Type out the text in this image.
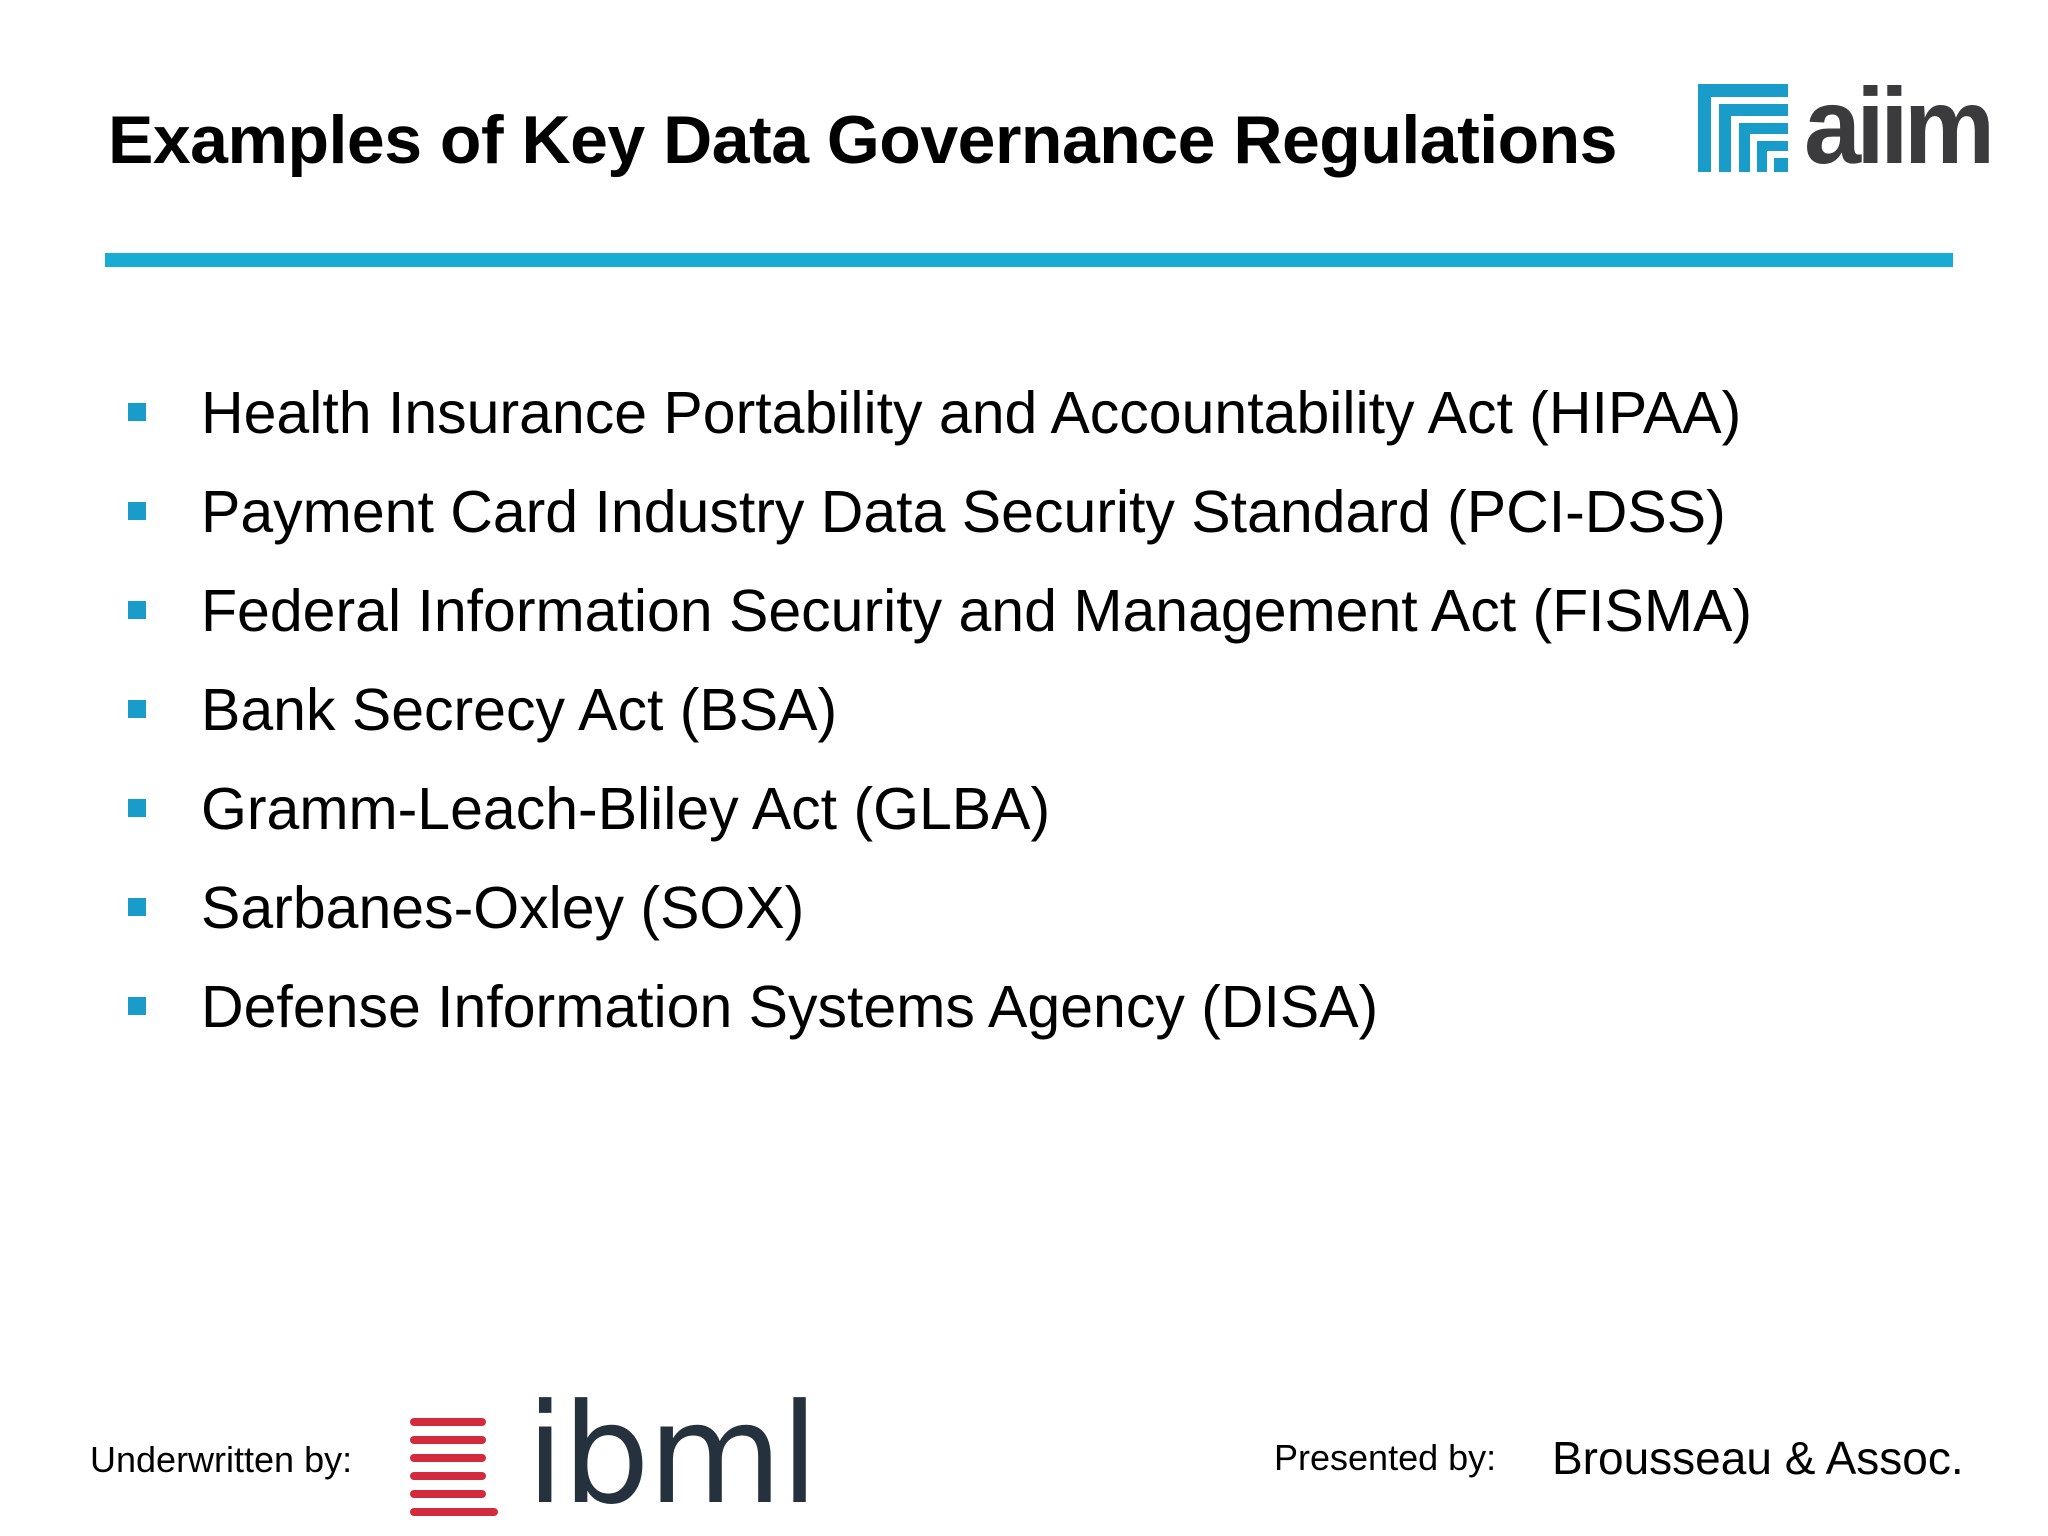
Examples of Key Data Governance Regulations aiim
Health Insurance Portability and Accountability Act (HIPAA)
Payment Card Industry Data Security Standard (PCI-DSS)
Federal Information Security and Management Act (FISMA)
Bank Secrecy Act (BSA)
Gramm-Leach-Bliley Act (GLBA)
Sarbanes-Oxley (SOX)
Defense Information Systems Agency (DISA)
Underwritten by: ibml	Presented by: Brousseau & Assoc.
